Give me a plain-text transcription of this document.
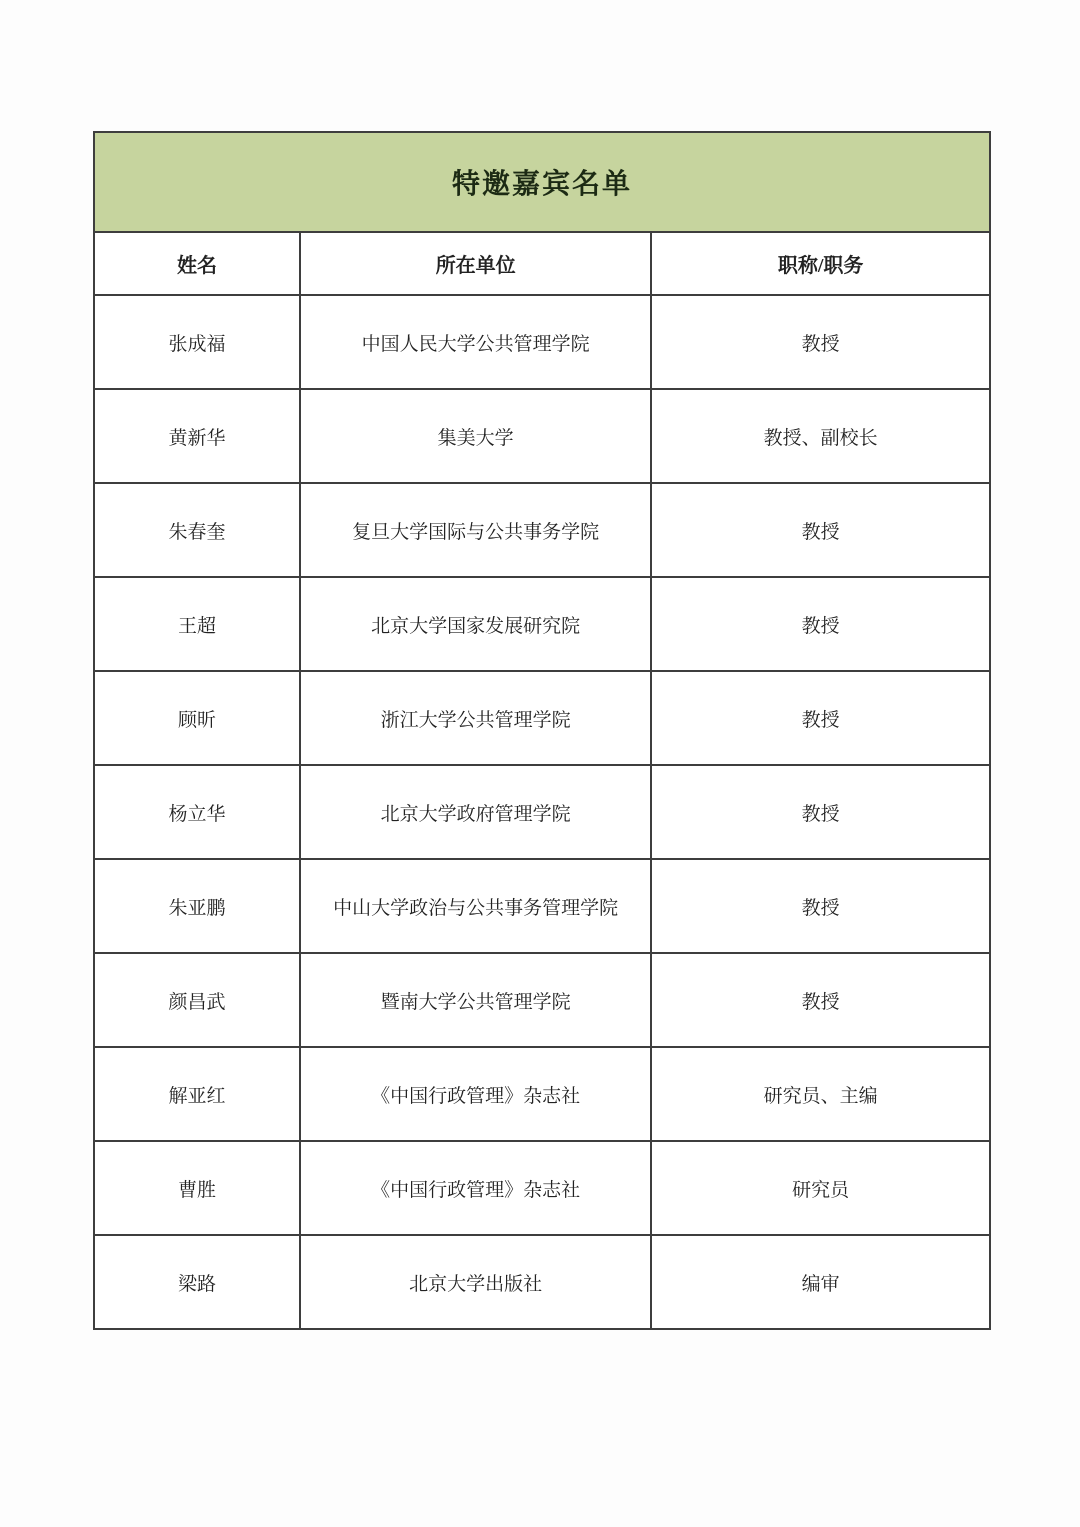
特邀嘉宾名单		
姓名	所在单位	职称/职务
张成福	中国人民大学公共管理学院	教授
黄新华	集美大学	教授、副校长
朱春奎	复旦大学国际与公共事务学院	教授
王超	北京大学国家发展研究院	教授
顾昕	浙江大学公共管理学院	教授
杨立华	北京大学政府管理学院	教授
朱亚鹏	中山大学政治与公共事务管理学院	教授
颜昌武	暨南大学公共管理学院	教授
解亚红	《中国行政管理》杂志社	研究员、主编
曹胜	《中国行政管理》杂志社	研究员
梁路	北京大学出版社	编审
